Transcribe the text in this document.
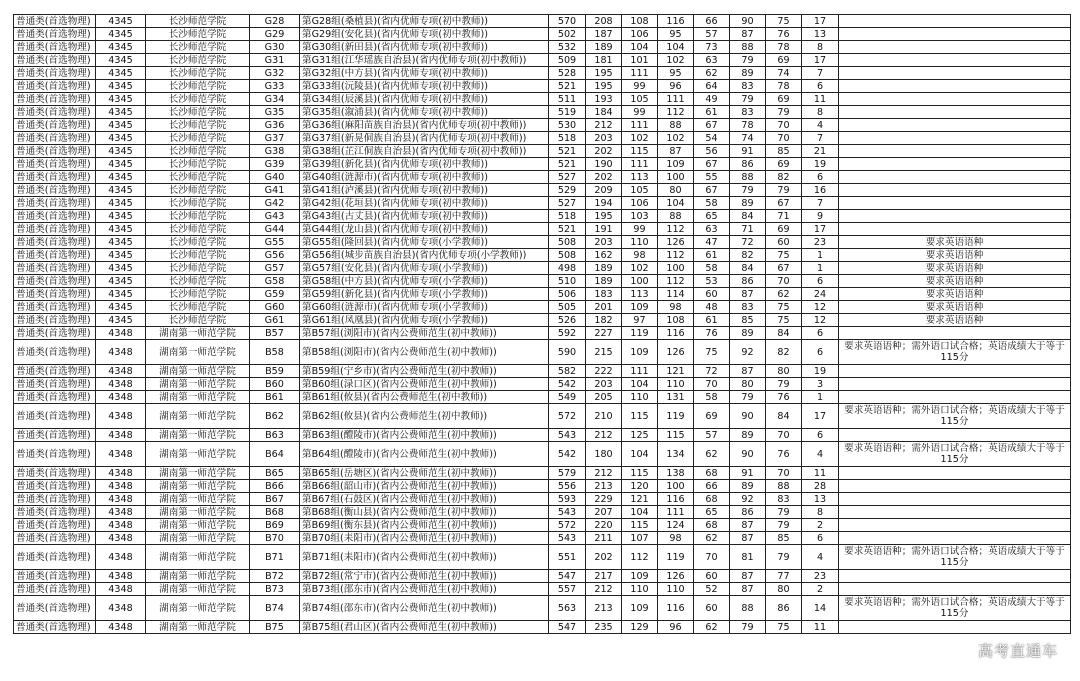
普通类(首选物理)	4345	长沙师范学院	G28	第G28组(桑植县)(省内优师专项(初中教师))	570	208	108	116	66	90	75	17	
普通类(首选物理)	4345	长沙师范学院	G29	第G29组(安化县)(省内优师专项(初中教师))	502	187	106	95	57	87	76	13	
普通类(首选物理)	4345	长沙师范学院	G30	第G30组(新田县)(省内优师专项(初中教师))	532	189	104	104	73	88	78	8	
普通类(首选物理)	4345	长沙师范学院	G31	第G31组(江华瑶族自治县)(省内优师专项(初中教师))	509	181	101	102	63	79	69	17	
普通类(首选物理)	4345	长沙师范学院	G32	第G32组(中方县)(省内优师专项(初中教师))	528	195	111	95	62	89	74	7	
普通类(首选物理)	4345	长沙师范学院	G33	第G33组(沅陵县)(省内优师专项(初中教师))	521	195	99	96	64	83	78	6	
普通类(首选物理)	4345	长沙师范学院	G34	第G34组(辰溪县)(省内优师专项(初中教师))	511	193	105	111	49	79	69	11	
普通类(首选物理)	4345	长沙师范学院	G35	第G35组(溆浦县)(省内优师专项(初中教师))	519	184	99	112	61	83	79	8	
普通类(首选物理)	4345	长沙师范学院	G36	第G36组(麻阳苗族自治县)(省内优师专项(初中教师))	530	212	111	88	67	78	70	4	
普通类(首选物理)	4345	长沙师范学院	G37	第G37组(新晃侗族自治县)(省内优师专项(初中教师))	518	203	102	102	54	74	70	7	
普通类(首选物理)	4345	长沙师范学院	G38	第G38组(芷江侗族自治县)(省内优师专项(初中教师))	521	202	115	87	56	91	85	21	
普通类(首选物理)	4345	长沙师范学院	G39	第G39组(新化县)(省内优师专项(初中教师))	521	190	111	109	67	86	69	19	
普通类(首选物理)	4345	长沙师范学院	G40	第G40组(涟源市)(省内优师专项(初中教师))	527	202	113	100	55	88	82	6	
普通类(首选物理)	4345	长沙师范学院	G41	第G41组(泸溪县)(省内优师专项(初中教师))	529	209	105	80	67	79	79	16	
普通类(首选物理)	4345	长沙师范学院	G42	第G42组(花垣县)(省内优师专项(初中教师))	527	194	106	104	58	89	67	7	
普通类(首选物理)	4345	长沙师范学院	G43	第G43组(古丈县)(省内优师专项(初中教师))	518	195	103	88	65	84	71	9	
普通类(首选物理)	4345	长沙师范学院	G44	第G44组(龙山县)(省内优师专项(初中教师))	521	191	99	112	63	71	69	17	
普通类(首选物理)	4345	长沙师范学院	G55	第G55组(隆回县)(省内优师专项(小学教师))	508	203	110	126	47	72	60	23	要求英语语种
普通类(首选物理)	4345	长沙师范学院	G56	第G56组(城步苗族自治县)(省内优师专项(小学教师))	508	162	98	112	61	82	75	1	要求英语语种
普通类(首选物理)	4345	长沙师范学院	G57	第G57组(安化县)(省内优师专项(小学教师))	498	189	102	100	58	84	67	1	要求英语语种
普通类(首选物理)	4345	长沙师范学院	G58	第G58组(中方县)(省内优师专项(小学教师))	510	189	100	112	53	86	70	6	要求英语语种
普通类(首选物理)	4345	长沙师范学院	G59	第G59组(新化县)(省内优师专项(小学教师))	506	183	113	114	60	87	62	24	要求英语语种
普通类(首选物理)	4345	长沙师范学院	G60	第G60组(涟源市)(省内优师专项(小学教师))	505	201	109	98	48	83	75	12	要求英语语种
普通类(首选物理)	4345	长沙师范学院	G61	第G61组(凤凰县)(省内优师专项(小学教师))	526	182	97	108	61	85	75	12	要求英语语种
普通类(首选物理)	4348	湖南第一师范学院	B57	第B57组(浏阳市)(省内公费师范生(初中教师))	592	227	119	116	76	89	84	6	
普通类(首选物理)	4348	湖南第一师范学院	B58	第B58组(浏阳市)(省内公费师范生(初中教师))	590	215	109	126	75	92	82	6	要求英语语种；需外语口试合格；英语成绩大于等于115分
普通类(首选物理)	4348	湖南第一师范学院	B59	第B59组(宁乡市)(省内公费师范生(初中教师))	582	222	111	121	72	87	80	19	
普通类(首选物理)	4348	湖南第一师范学院	B60	第B60组(渌口区)(省内公费师范生(初中教师))	542	203	104	110	70	80	79	3	
普通类(首选物理)	4348	湖南第一师范学院	B61	第B61组(攸县)(省内公费师范生(初中教师))	549	205	110	131	58	79	76	1	
普通类(首选物理)	4348	湖南第一师范学院	B62	第B62组(攸县)(省内公费师范生(初中教师))	572	210	115	119	69	90	84	17	要求英语语种；需外语口试合格；英语成绩大于等于115分
普通类(首选物理)	4348	湖南第一师范学院	B63	第B63组(醴陵市)(省内公费师范生(初中教师))	543	212	125	115	57	89	70	6	
普通类(首选物理)	4348	湖南第一师范学院	B64	第B64组(醴陵市)(省内公费师范生(初中教师))	542	180	104	134	62	90	76	4	要求英语语种；需外语口试合格；英语成绩大于等于115分
普通类(首选物理)	4348	湖南第一师范学院	B65	第B65组(岳塘区)(省内公费师范生(初中教师))	579	212	115	138	68	91	70	11	
普通类(首选物理)	4348	湖南第一师范学院	B66	第B66组(韶山市)(省内公费师范生(初中教师))	556	213	120	100	66	89	88	28	
普通类(首选物理)	4348	湖南第一师范学院	B67	第B67组(石鼓区)(省内公费师范生(初中教师))	593	229	121	116	68	92	83	13	
普通类(首选物理)	4348	湖南第一师范学院	B68	第B68组(衡山县)(省内公费师范生(初中教师))	543	207	104	111	65	86	79	8	
普通类(首选物理)	4348	湖南第一师范学院	B69	第B69组(衡东县)(省内公费师范生(初中教师))	572	220	115	124	68	87	79	2	
普通类(首选物理)	4348	湖南第一师范学院	B70	第B70组(耒阳市)(省内公费师范生(初中教师))	543	211	107	98	62	87	85	6	
普通类(首选物理)	4348	湖南第一师范学院	B71	第B71组(耒阳市)(省内公费师范生(初中教师))	551	202	112	119	70	81	79	4	要求英语语种；需外语口试合格；英语成绩大于等于115分
普通类(首选物理)	4348	湖南第一师范学院	B72	第B72组(常宁市)(省内公费师范生(初中教师))	547	217	109	126	60	87	77	23	
普通类(首选物理)	4348	湖南第一师范学院	B73	第B73组(邵东市)(省内公费师范生(初中教师))	557	212	110	110	52	87	80	2	
普通类(首选物理)	4348	湖南第一师范学院	B74	第B74组(邵东市)(省内公费师范生(初中教师))	563	213	109	116	60	88	86	14	要求英语语种；需外语口试合格；英语成绩大于等于115分
普通类(首选物理)	4348	湖南第一师范学院	B75	第B75组(君山区)(省内公费师范生(初中教师))	547	235	129	96	62	79	75	11	
高考直通车
